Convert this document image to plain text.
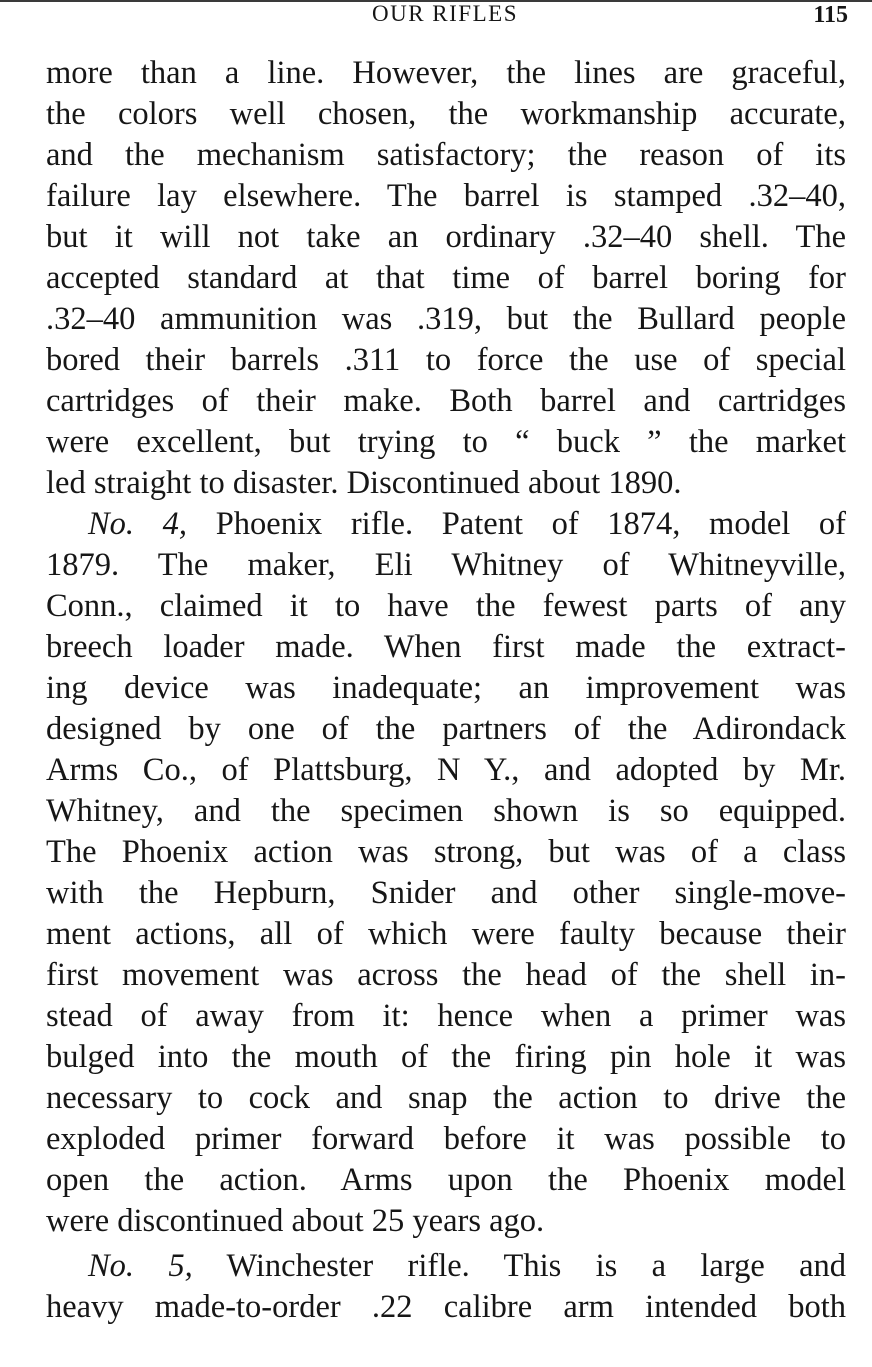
OUR RIFLES	115
more than a line. However, the lines are graceful,
the colors well chosen, the workmanship accurate,
and the mechanism satisfactory; the reason of its
failure lay elsewhere. The barrel is stamped .32–40,
but it will not take an ordinary .32–40 shell. The
accepted standard at that time of barrel boring for
.32–40 ammunition was .319, but the Bullard people
bored their barrels .311 to force the use of special
cartridges of their make. Both barrel and cartridges
were excellent, but trying to “ buck ” the market
led straight to disaster. Discontinued about 1890.
No. 4, Phoenix rifle. Patent of 1874, model of
1879. The maker, Eli Whitney of Whitneyville,
Conn., claimed it to have the fewest parts of any
breech loader made. When first made the extract-
ing device was inadequate; an improvement was
designed by one of the partners of the Adirondack
Arms Co., of Plattsburg, N Y., and adopted by Mr.
Whitney, and the specimen shown is so equipped.
The Phoenix action was strong, but was of a class
with the Hepburn, Snider and other single-move-
ment actions, all of which were faulty because their
first movement was across the head of the shell in-
stead of away from it: hence when a primer was
bulged into the mouth of the firing pin hole it was
necessary to cock and snap the action to drive the
exploded primer forward before it was possible to
open the action. Arms upon the Phoenix model
were discontinued about 25 years ago.
No. 5, Winchester rifle. This is a large and
heavy made-to-order .22 calibre arm intended both
